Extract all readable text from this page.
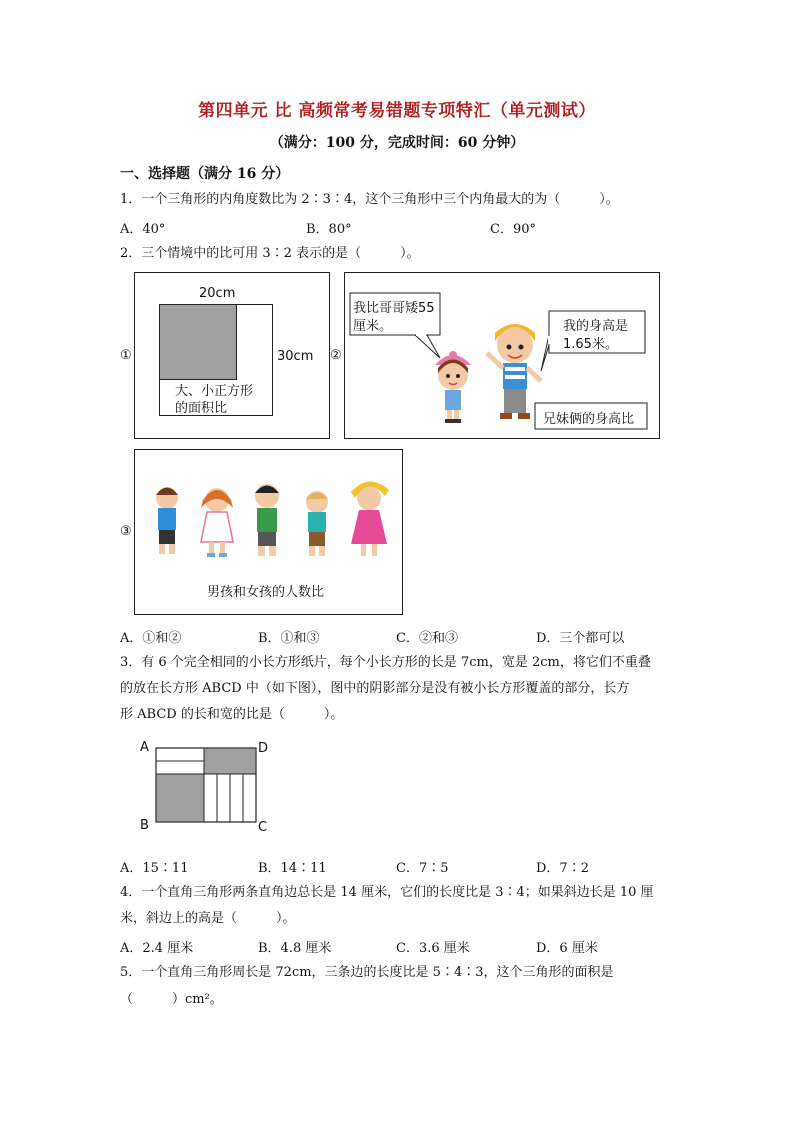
第四单元 比 高频常考易错题专项特汇（单元测试）
（满分：100 分，完成时间：60 分钟）
一、选择题（满分 16 分）
1．一个三角形的内角度数比为 2∶3∶4，这个三角形中三个内角最大的为（　　　）。
A．40°	B．80°	C．90°
2．三个情境中的比可用 3∶2 表示的是（　　　）。
①
20cm
30cm
大、小正方形
的面积比
②
我比哥哥矮55
厘米。	我的身高是
1.65米。
兄妹俩的身高比
③
男孩和女孩的人数比
A．①和②	B．①和③	C．②和③	D．三个都可以
3．有 6 个完全相同的小长方形纸片，每个小长方形的长是 7cm，宽是 2cm，将它们不重叠
的放在长方形 ABCD 中（如下图），图中的阴影部分是没有被小长方形覆盖的部分，长方
形 ABCD 的长和宽的比是（　　　）。
A	D
B	C
A．15∶11	B．14∶11	C．7∶5	D．7∶2
4．一个直角三角形两条直角边总长是 14 厘米，它们的长度比是 3∶4；如果斜边长是 10 厘
米，斜边上的高是（　　　）。
A．2.4 厘米	B．4.8 厘米	C．3.6 厘米	D．6 厘米
5．一个直角三角形周长是 72cm，三条边的长度比是 5∶4∶3，这个三角形的面积是
（　　　）cm²。
